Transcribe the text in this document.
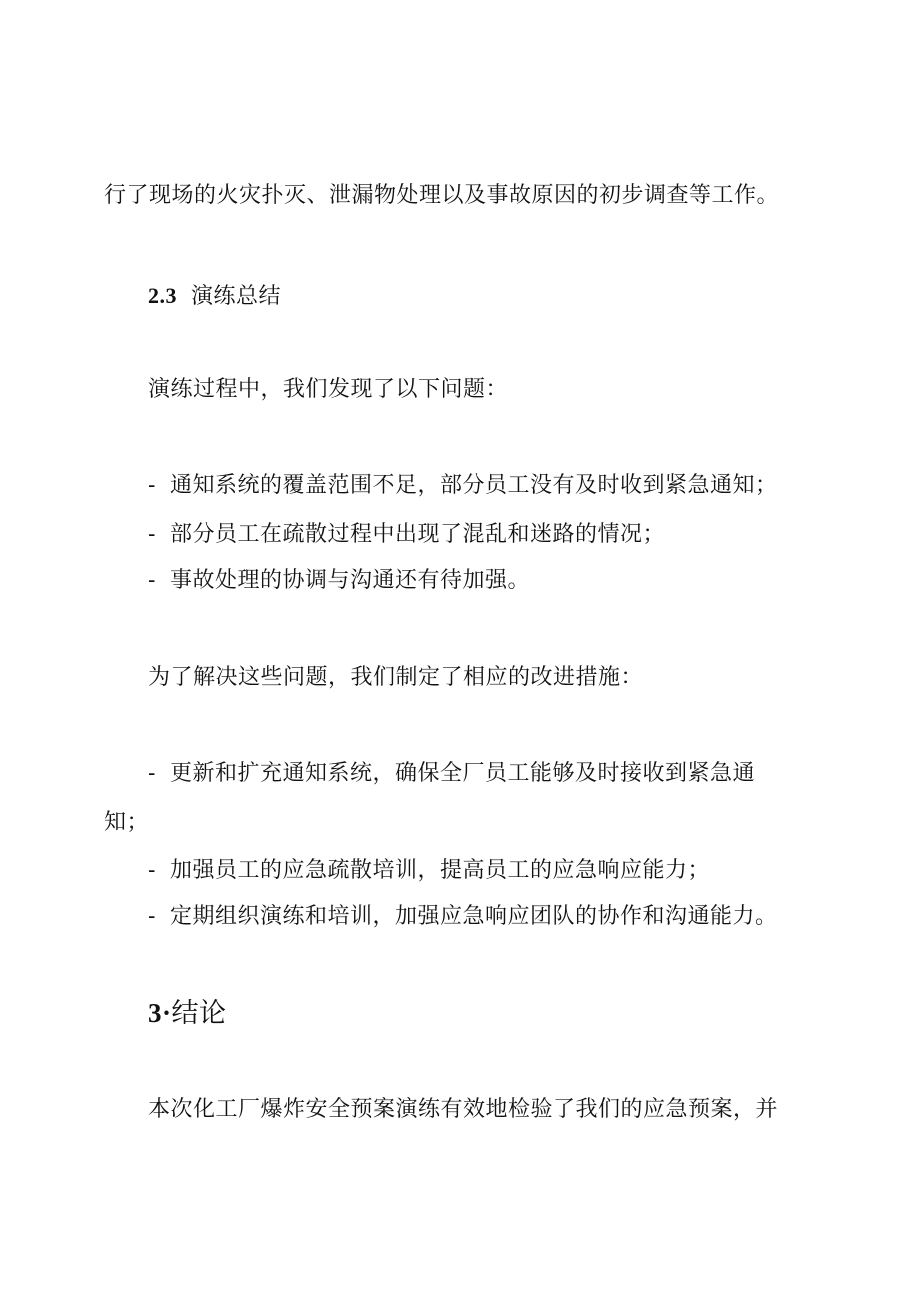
行了现场的火灾扑灭、泄漏物处理以及事故原因的初步调查等工作。
2.3 演练总结
演练过程中，我们发现了以下问题：
- 通知系统的覆盖范围不足，部分员工没有及时收到紧急通知；
- 部分员工在疏散过程中出现了混乱和迷路的情况；
- 事故处理的协调与沟通还有待加强。
为了解决这些问题，我们制定了相应的改进措施：
- 更新和扩充通知系统，确保全厂员工能够及时接收到紧急通
知；
- 加强员工的应急疏散培训，提高员工的应急响应能力；
- 定期组织演练和培训，加强应急响应团队的协作和沟通能力。
3·结论
本次化工厂爆炸安全预案演练有效地检验了我们的应急预案，并
